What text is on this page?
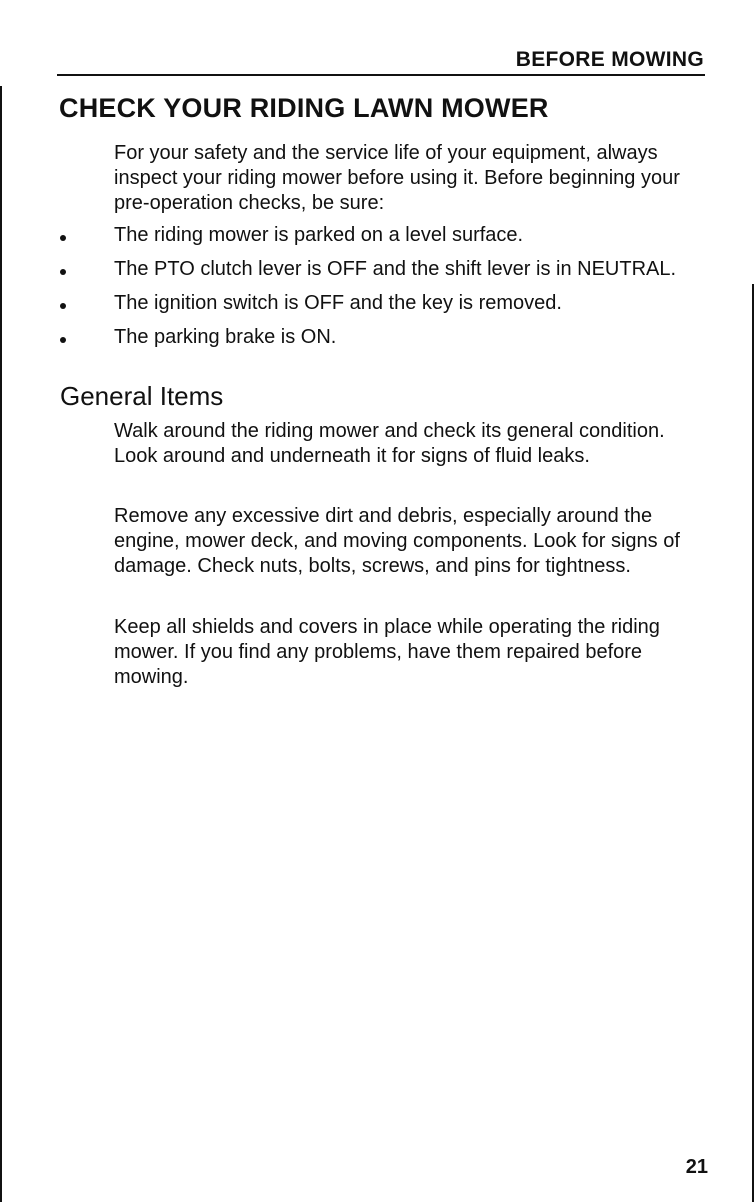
BEFORE MOWING
CHECK YOUR RIDING LAWN MOWER

For your safety and the service life of your equipment, always inspect your riding mower before using it. Before beginning your pre-operation checks, be sure:

The riding mower is parked on a level surface.
The PTO clutch lever is OFF and the shift lever is in NEUTRAL.
The ignition switch is OFF and the key is removed.
The parking brake is ON.
General Items

Walk around the riding mower and check its general condition. Look around and underneath it for signs of fluid leaks.

Remove any excessive dirt and debris, especially around the engine, mower deck, and moving components. Look for signs of damage. Check nuts, bolts, screws, and pins for tightness.

Keep all shields and covers in place while operating the riding mower. If you find any problems, have them repaired before mowing.

21
